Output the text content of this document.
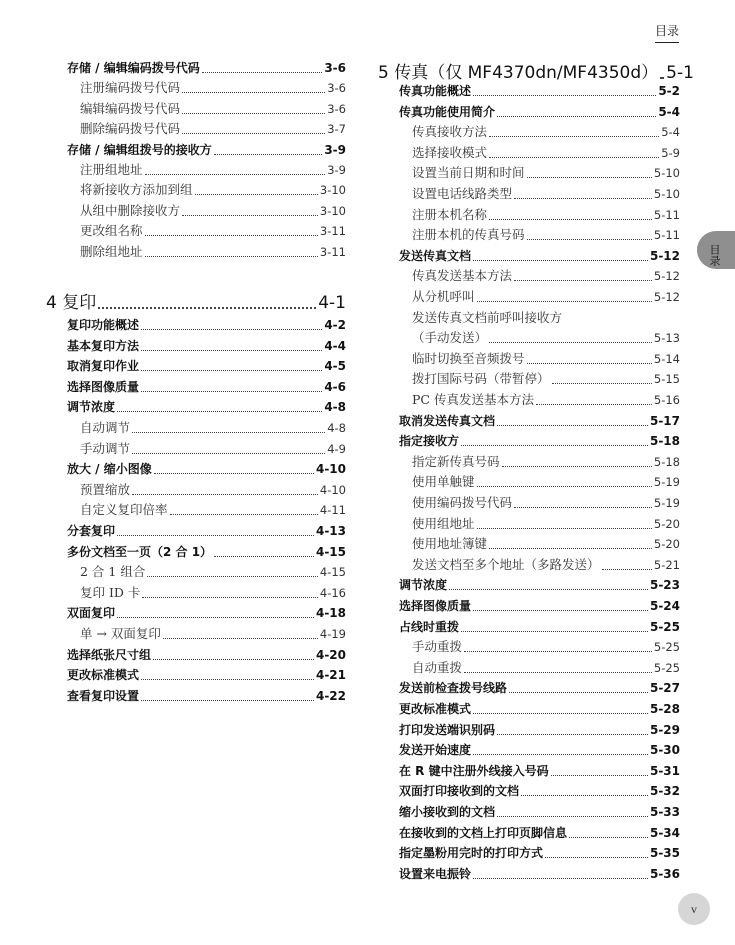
目录
目录
存储 / 编辑编码拨号代码	3-6
注册编码拨号代码	3-6
编辑编码拨号代码	3-6
删除编码拨号代码	3-7
存储 / 编辑组拨号的接收方	3-9
注册组地址	3-9
将新接收方添加到组	3-10
从组中删除接收方	3-10
更改组名称	3-11
删除组地址	3-11
4 复印	4-1
复印功能概述	4-2
基本复印方法	4-4
取消复印作业	4-5
选择图像质量	4-6
调节浓度	4-8
自动调节	4-8
手动调节	4-9
放大 / 缩小图像	4-10
预置缩放	4-10
自定义复印倍率	4-11
分套复印	4-13
多份文档至一页（2 合 1）	4-15
2 合 1 组合	4-15
复印 ID 卡	4-16
双面复印	4-18
单 → 双面复印	4-19
选择纸张尺寸组	4-20
更改标准模式	4-21
查看复印设置	4-22
5 传真（仅 MF4370dn/MF4350d） 5-1
传真功能概述	5-2
传真功能使用简介	5-4
传真接收方法	5-4
选择接收模式	5-9
设置当前日期和时间	5-10
设置电话线路类型	5-10
注册本机名称	5-11
注册本机的传真号码	5-11
发送传真文档	5-12
传真发送基本方法	5-12
从分机呼叫	5-12
发送传真文档前呼叫接收方
（手动发送）	5-13
临时切换至音频拨号	5-14
拨打国际号码（带暂停）	5-15
PC 传真发送基本方法	5-16
取消发送传真文档	5-17
指定接收方	5-18
指定新传真号码	5-18
使用单触键	5-19
使用编码拨号代码	5-19
使用组地址	5-20
使用地址簿键	5-20
发送文档至多个地址（多路发送）	5-21
调节浓度	5-23
选择图像质量	5-24
占线时重拨	5-25
手动重拨	5-25
自动重拨	5-25
发送前检查拨号线路	5-27
更改标准模式	5-28
打印发送端识别码	5-29
发送开始速度	5-30
在 R 键中注册外线接入号码	5-31
双面打印接收到的文档	5-32
缩小接收到的文档	5-33
在接收到的文档上打印页脚信息	5-34
指定墨粉用完时的打印方式	5-35
设置来电振铃	5-36
v
